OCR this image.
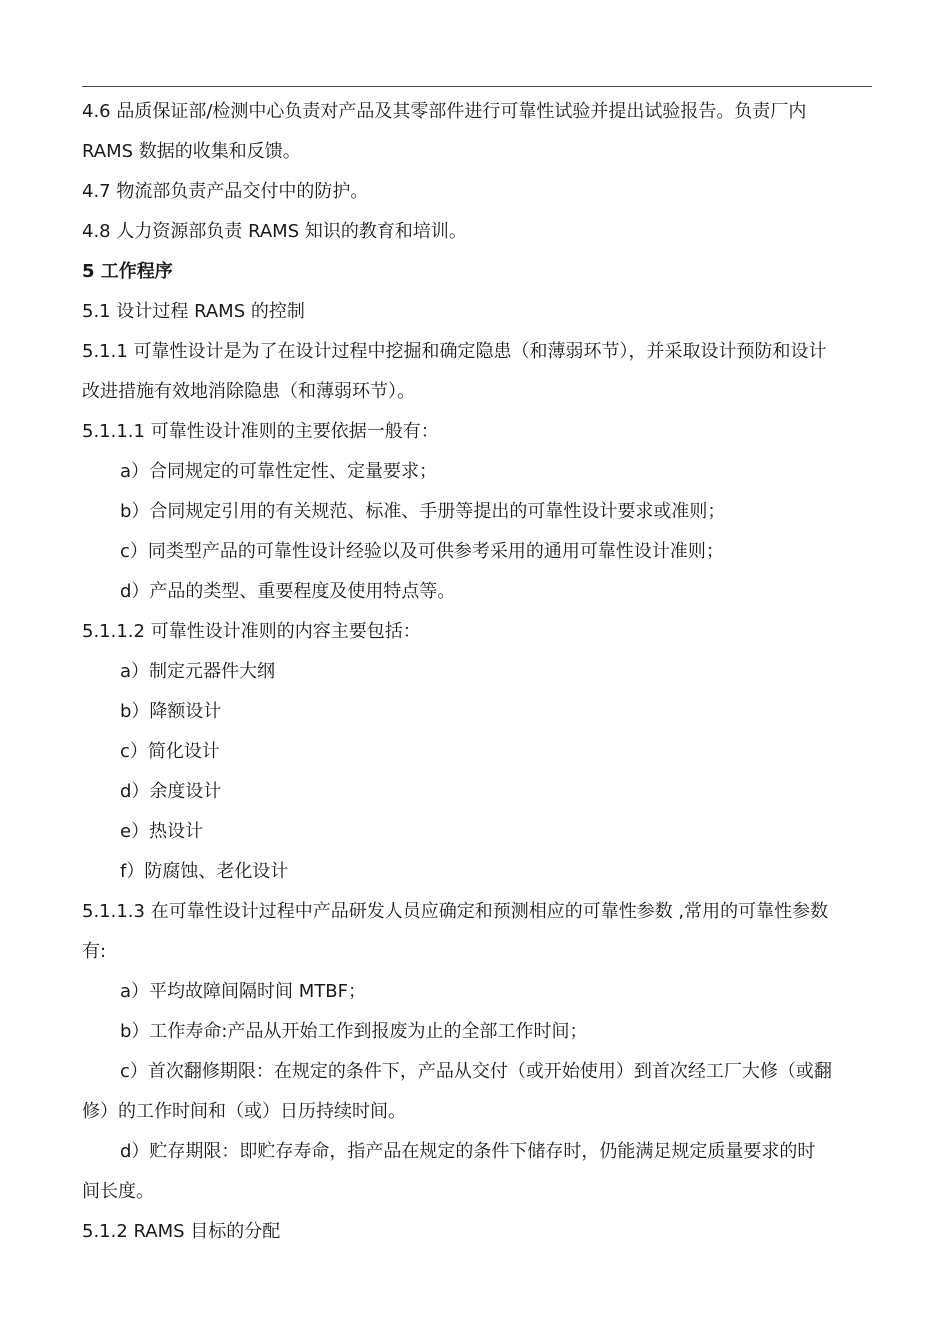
4.6 品质保证部/检测中心负责对产品及其零部件进行可靠性试验并提出试验报告。负责厂内
RAMS 数据的收集和反馈。
4.7 物流部负责产品交付中的防护。
4.8 人力资源部负责 RAMS 知识的教育和培训。
5 工作程序
5.1 设计过程 RAMS 的控制
5.1.1 可靠性设计是为了在设计过程中挖掘和确定隐患（和薄弱环节），并采取设计预防和设计
改进措施有效地消除隐患（和薄弱环节）。
5.1.1.1 可靠性设计准则的主要依据一般有：
a）合同规定的可靠性定性、定量要求；
b）合同规定引用的有关规范、标准、手册等提出的可靠性设计要求或准则；
c）同类型产品的可靠性设计经验以及可供参考采用的通用可靠性设计准则；
d）产品的类型、重要程度及使用特点等。
5.1.1.2 可靠性设计准则的内容主要包括：
a）制定元器件大纲
b）降额设计
c）简化设计
d）余度设计
e）热设计
f）防腐蚀、老化设计
5.1.1.3 在可靠性设计过程中产品研发人员应确定和预测相应的可靠性参数 ,常用的可靠性参数
有:
a）平均故障间隔时间 MTBF；
b）工作寿命:产品从开始工作到报废为止的全部工作时间；
c）首次翻修期限：在规定的条件下，产品从交付（或开始使用）到首次经工厂大修（或翻
修）的工作时间和（或）日历持续时间。
d）贮存期限：即贮存寿命，指产品在规定的条件下储存时，仍能满足规定质量要求的时
间长度。
5.1.2 RAMS 目标的分配
